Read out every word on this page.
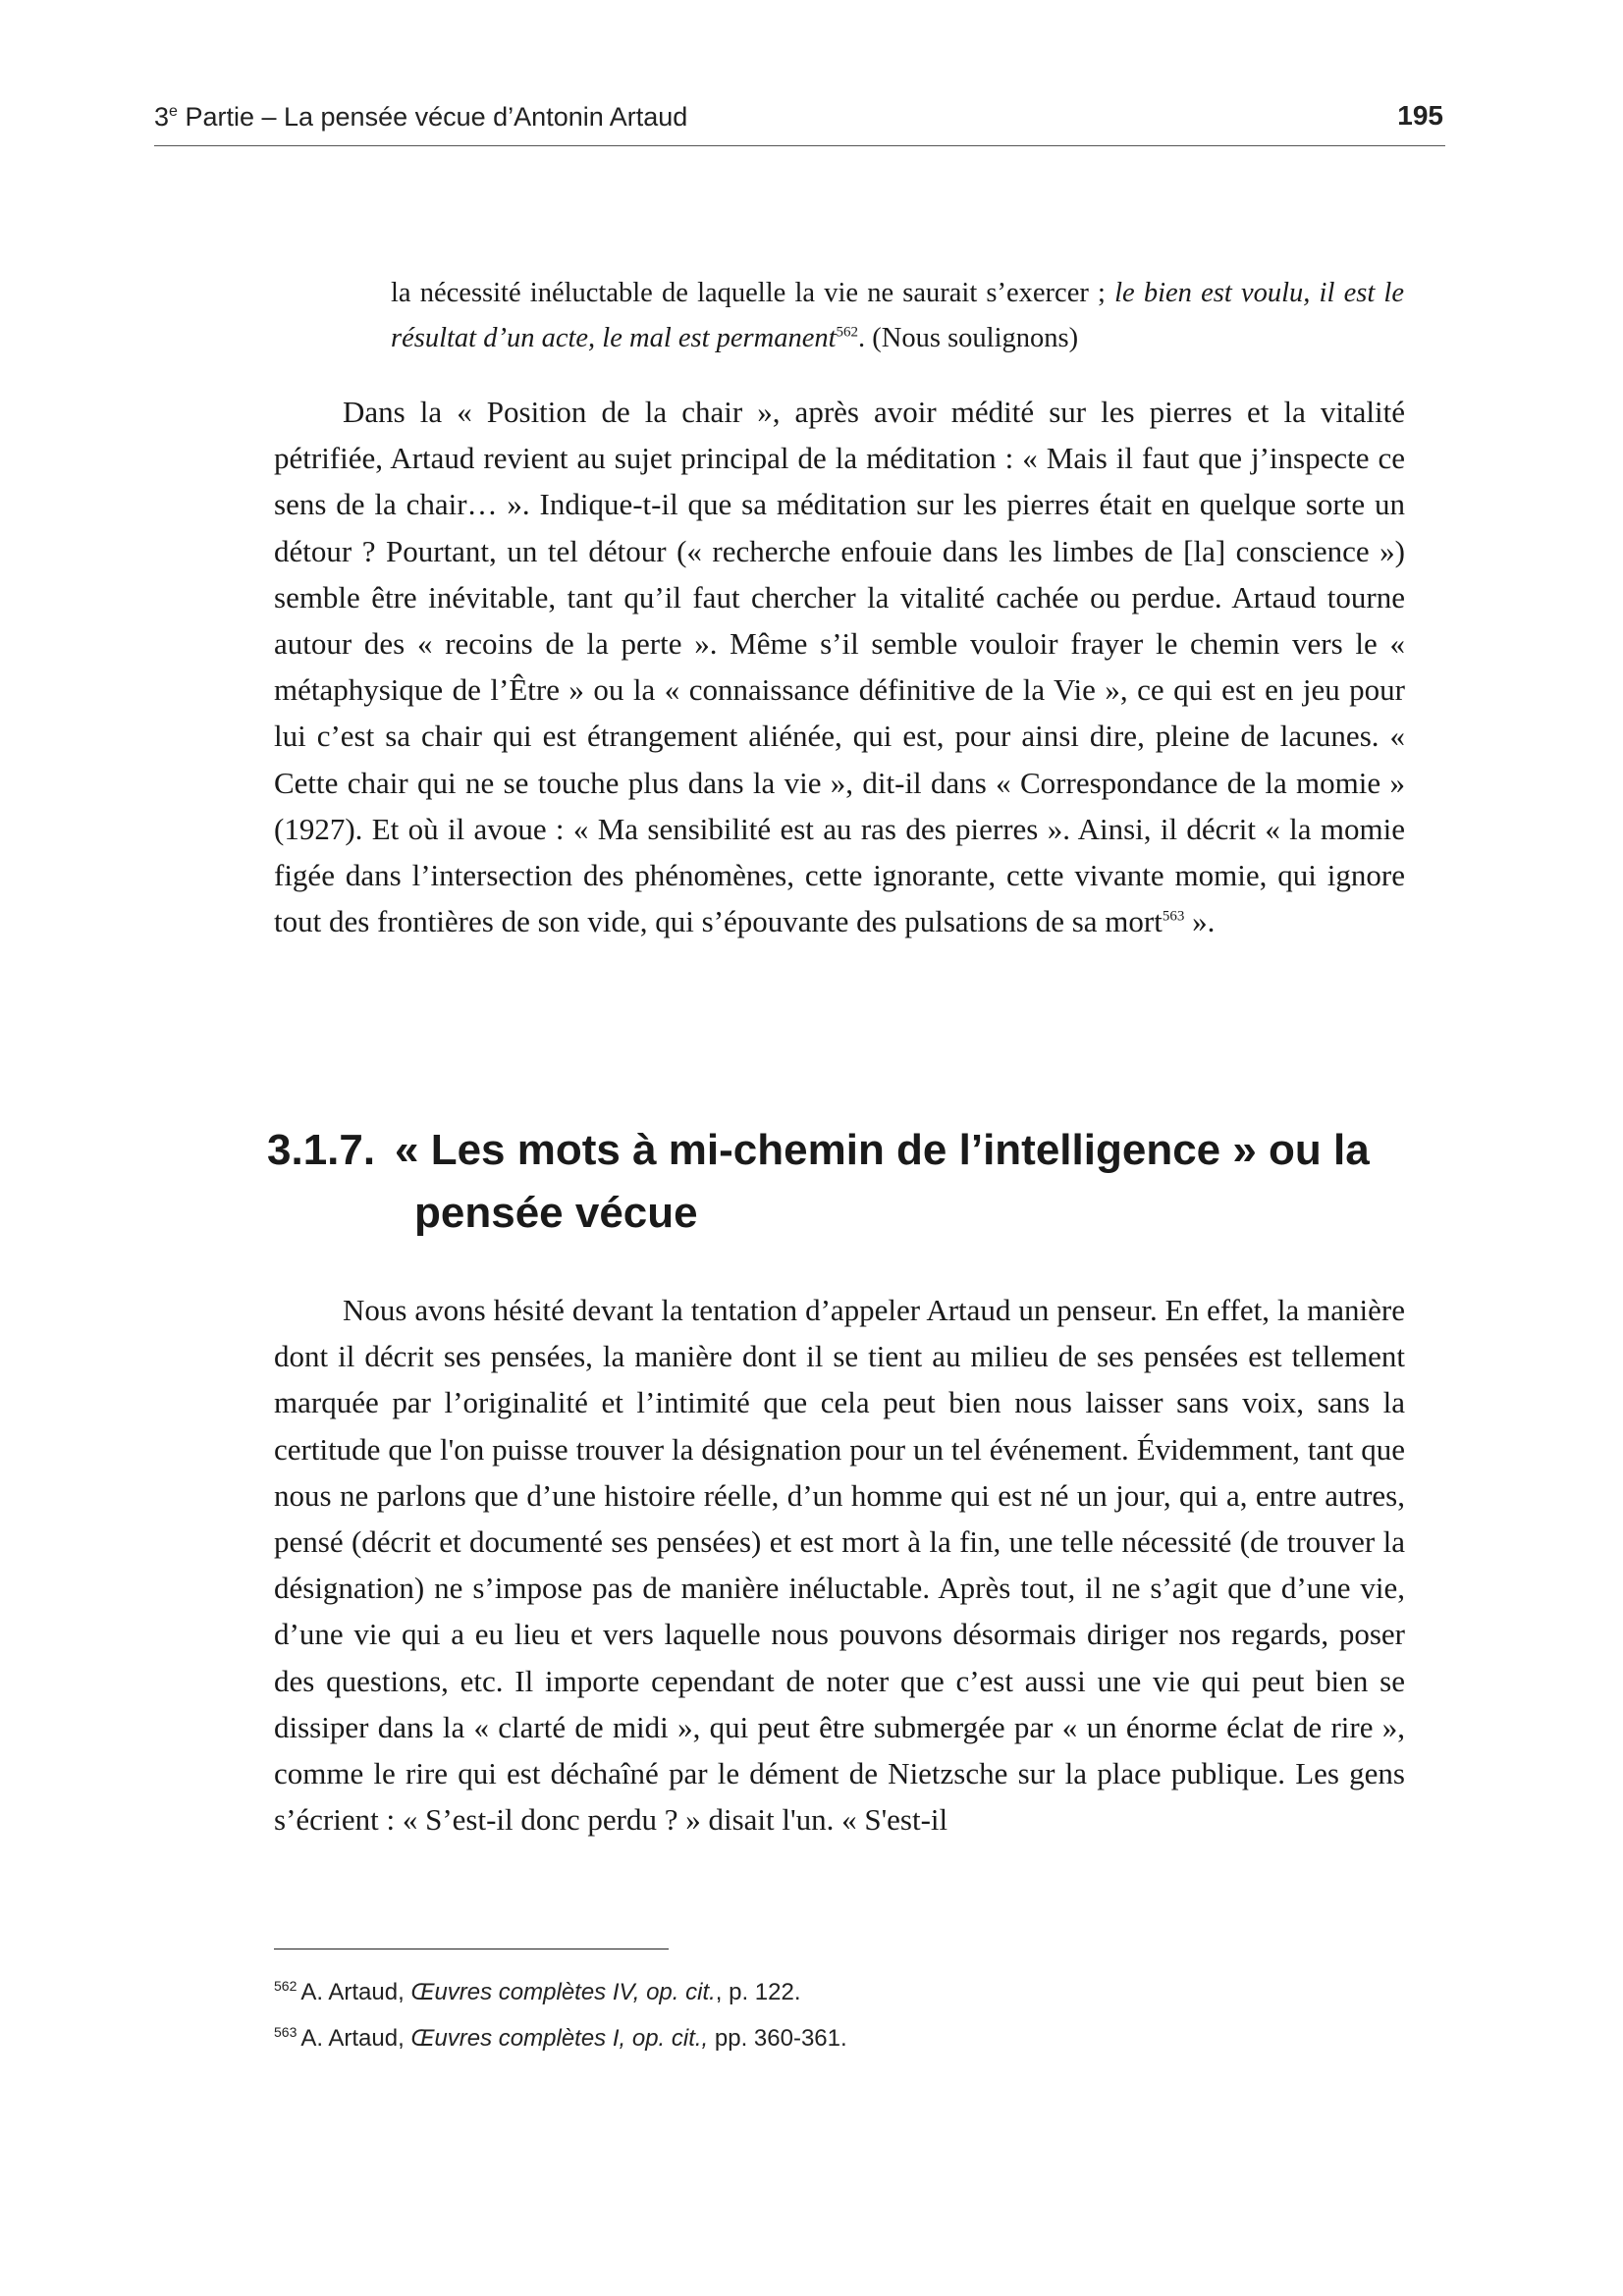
3e Partie – La pensée vécue d’Antonin Artaud	195
la nécessité inéluctable de laquelle la vie ne saurait s’exercer ; le bien est voulu, il est le résultat d’un acte, le mal est permanent$^{562}$. (Nous soulignons)
Dans la « Position de la chair », après avoir médité sur les pierres et la vitalité pétrifiée, Artaud revient au sujet principal de la méditation : « Mais il faut que j’inspecte ce sens de la chair… ». Indique-t-il que sa méditation sur les pierres était en quelque sorte un détour ? Pourtant, un tel détour (« recherche enfouie dans les limbes de [la] conscience ») semble être inévitable, tant qu’il faut chercher la vitalité cachée ou perdue. Artaud tourne autour des « recoins de la perte ». Même s’il semble vouloir frayer le chemin vers le « métaphysique de l’Être » ou la « connaissance définitive de la Vie », ce qui est en jeu pour lui c’est sa chair qui est étrangement aliénée, qui est, pour ainsi dire, pleine de lacunes. « Cette chair qui ne se touche plus dans la vie », dit-il dans « Correspondance de la momie » (1927). Et où il avoue : « Ma sensibilité est au ras des pierres ». Ainsi, il décrit « la momie figée dans l’intersection des phénomènes, cette ignorante, cette vivante momie, qui ignore tout des frontières de son vide, qui s’épouvante des pulsations de sa mort$^{563}$ ».
3.1.7. « Les mots à mi-chemin de l’intelligence » ou la
pensée vécue
Nous avons hésité devant la tentation d’appeler Artaud un penseur. En effet, la manière dont il décrit ses pensées, la manière dont il se tient au milieu de ses pensées est tellement marquée par l’originalité et l’intimité que cela peut bien nous laisser sans voix, sans la certitude que l'on puisse trouver la désignation pour un tel événement. Évidemment, tant que nous ne parlons que d’une histoire réelle, d’un homme qui est né un jour, qui a, entre autres, pensé (décrit et documenté ses pensées) et est mort à la fin, une telle nécessité (de trouver la désignation) ne s’impose pas de manière inéluctable. Après tout, il ne s’agit que d’une vie, d’une vie qui a eu lieu et vers laquelle nous pouvons désormais diriger nos regards, poser des questions, etc. Il importe cependant de noter que c’est aussi une vie qui peut bien se dissiper dans la « clarté de midi », qui peut être submergée par « un énorme éclat de rire », comme le rire qui est déchaîné par le dément de Nietzsche sur la place publique. Les gens s’écrient : « S’est-il donc perdu ? » disait l'un. « S'est-il
$^{562}$ A. Artaud, Œuvres complètes IV, op. cit., p. 122.
$^{563}$ A. Artaud, Œuvres complètes I, op. cit., pp. 360-361.
